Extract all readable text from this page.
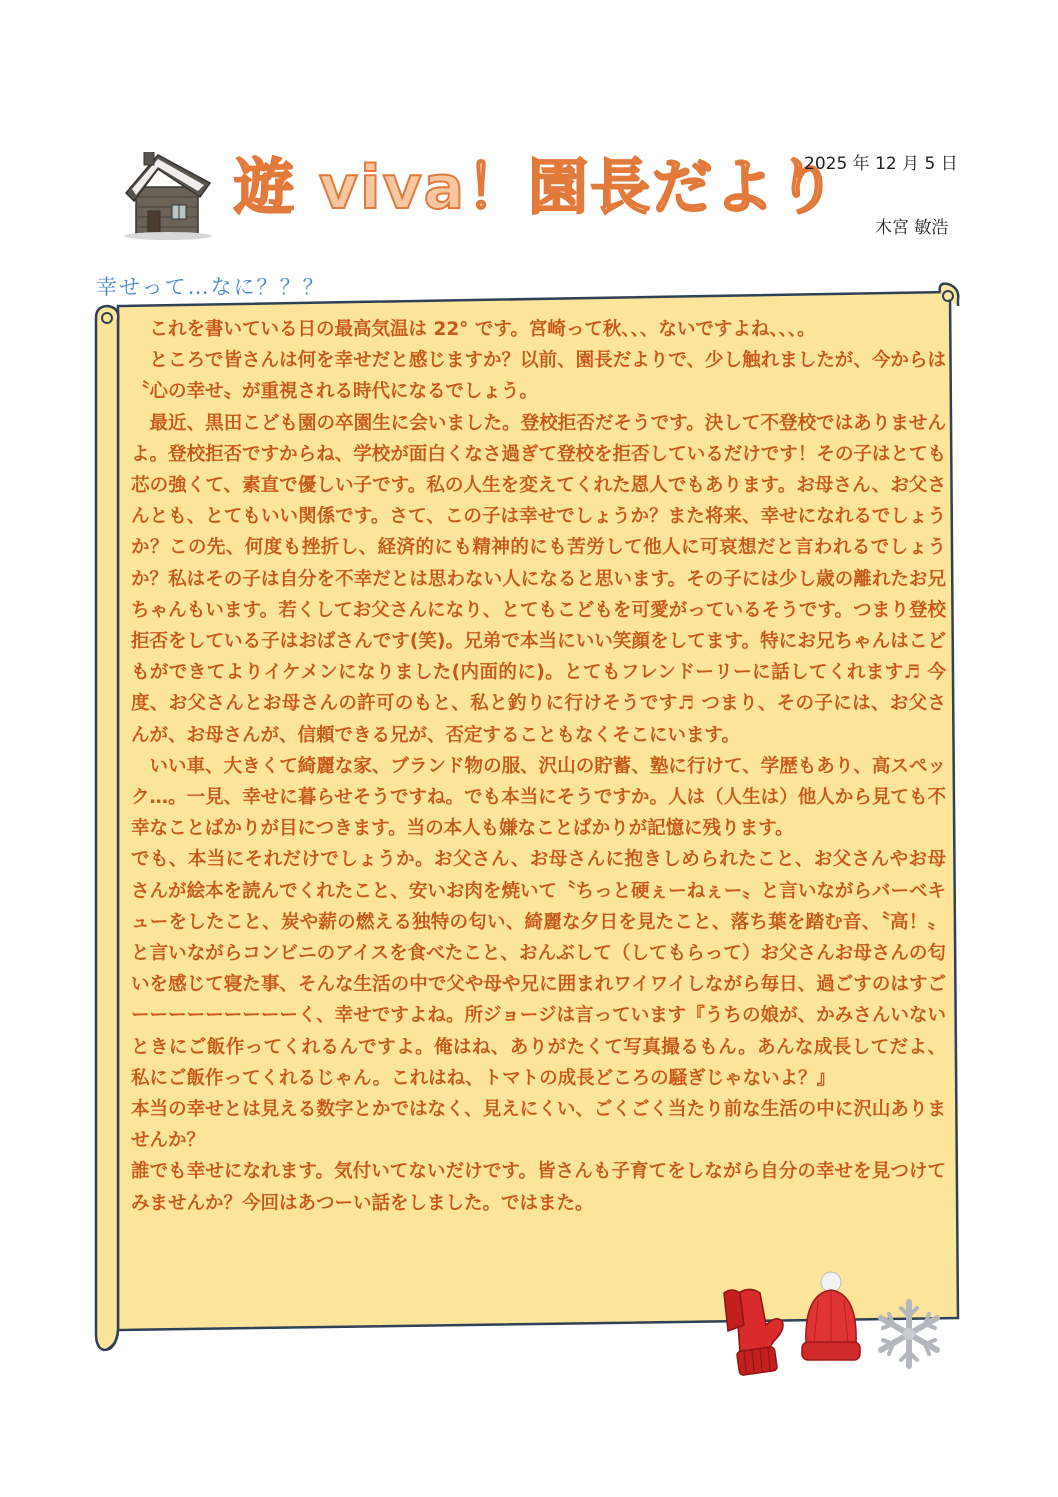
遊 viva！園長だより
2025 年 12 月 5 日
木宮 敏浩
幸せって…なに？？？

これを書いている日の最高気温は 22° です。宮崎って秋、、、ないですよね、、、。

ところで皆さんは何を幸せだと感じますか？以前、園長だよりで、少し触れましたが、今からは〝心の幸せ〟が重視される時代になるでしょう。

最近、黒田こども園の卒園生に会いました。登校拒否だそうです。決して不登校ではありませんよ。登校拒否ですからね、学校が面白くなさ過ぎて登校を拒否しているだけです！その子はとても芯の強くて、素直で優しい子です。私の人生を変えてくれた恩人でもあります。お母さん、お父さんとも、とてもいい関係です。さて、この子は幸せでしょうか？また将来、幸せになれるでしょうか？この先、何度も挫折し、経済的にも精神的にも苦労して他人に可哀想だと言われるでしょうか？私はその子は自分を不幸だとは思わない人になると思います。その子には少し歳の離れたお兄ちゃんもいます。若くしてお父さんになり、とてもこどもを可愛がっているそうです。つまり登校拒否をしている子はおばさんです(笑)。兄弟で本当にいい笑顔をしてます。特にお兄ちゃんはこどもができてよりイケメンになりました(内面的に)。とてもフレンドーリーに話してくれます♬ 今度、お父さんとお母さんの許可のもと、私と釣りに行けそうです♬ つまり、その子には、お父さんが、お母さんが、信頼できる兄が、否定することもなくそこにいます。

いい車、大きくて綺麗な家、ブランド物の服、沢山の貯蓄、塾に行けて、学歴もあり、高スペック…。一見、幸せに暮らせそうですね。でも本当にそうですか。人は（人生は）他人から見ても不幸なことばかりが目につきます。当の本人も嫌なことばかりが記憶に残ります。

でも、本当にそれだけでしょうか。お父さん、お母さんに抱きしめられたこと、お父さんやお母さんが絵本を読んでくれたこと、安いお肉を焼いて〝ちっと硬ぇーねぇー〟と言いながらバーベキューをしたこと、炭や薪の燃える独特の匂い、綺麗な夕日を見たこと、落ち葉を踏む音、〝高！〟と言いながらコンビニのアイスを食べたこと、おんぶして（してもらって）お父さんお母さんの匂いを感じて寝た事、そんな生活の中で父や母や兄に囲まれワイワイしながら毎日、過ごすのはすごーーーーーーーーーく、幸せですよね。所ジョージは言っています『うちの娘が、かみさんいないときにご飯作ってくれるんですよ。俺はね、ありがたくて写真撮るもん。あんな成長してだよ、私にご飯作ってくれるじゃん。これはね、トマトの成長どころの騒ぎじゃないよ？』

本当の幸せとは見える数字とかではなく、見えにくい、ごくごく当たり前な生活の中に沢山ありませんか？

誰でも幸せになれます。気付いてないだけです。皆さんも子育てをしながら自分の幸せを見つけてみませんか？今回はあつーい話をしました。ではまた。
